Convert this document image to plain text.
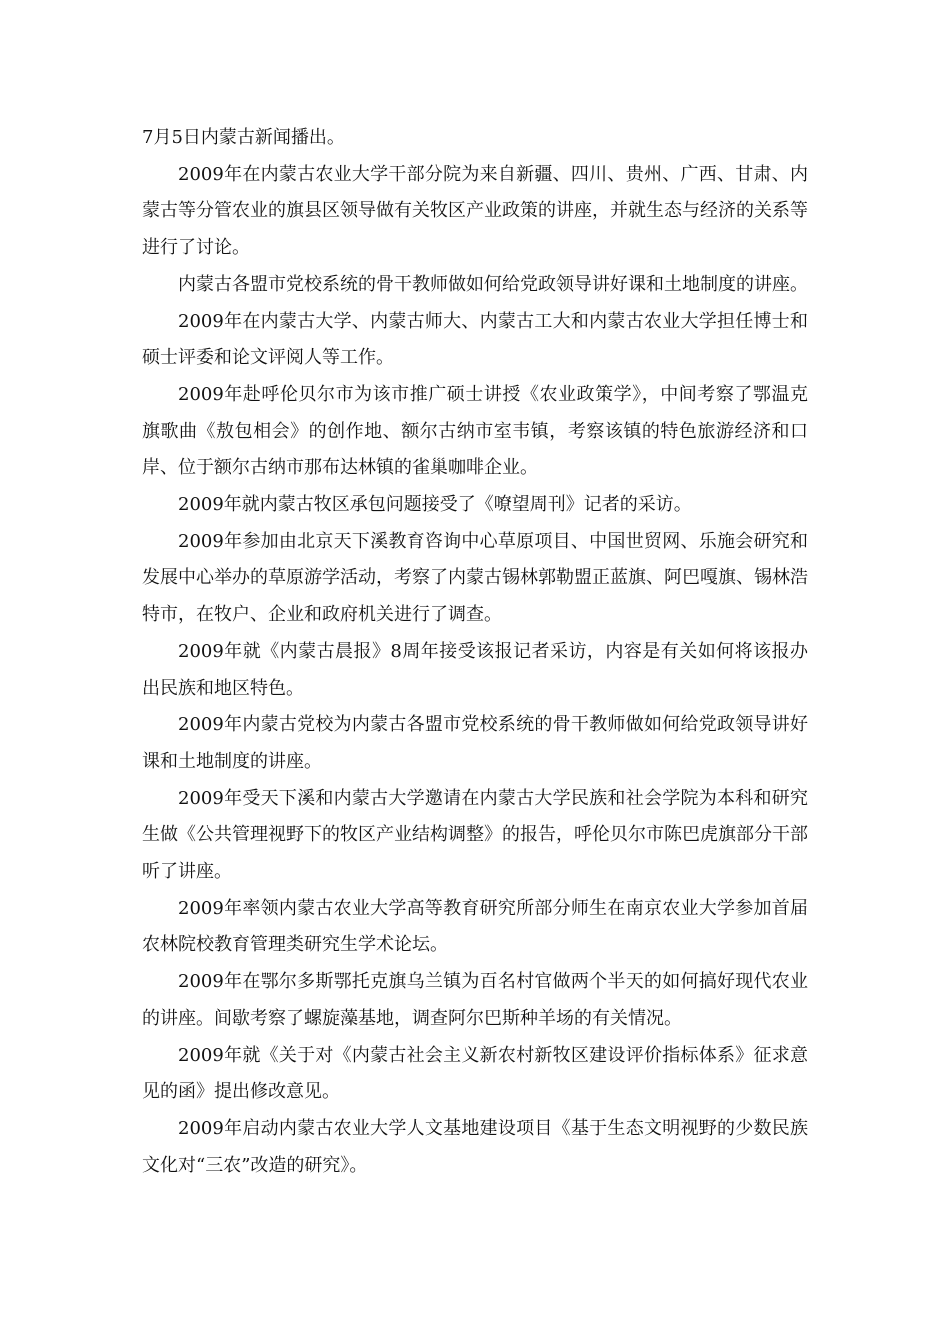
7月5日内蒙古新闻播出。

2009年在内蒙古农业大学干部分院为来自新疆、四川、贵州、广西、甘肃、内蒙古等分管农业的旗县区领导做有关牧区产业政策的讲座，并就生态与经济的关系等进行了讨论。

内蒙古各盟市党校系统的骨干教师做如何给党政领导讲好课和土地制度的讲座。

2009年在内蒙古大学、内蒙古师大、内蒙古工大和内蒙古农业大学担任博士和硕士评委和论文评阅人等工作。

2009年赴呼伦贝尔市为该市推广硕士讲授《农业政策学》，中间考察了鄂温克旗歌曲《敖包相会》的创作地、额尔古纳市室韦镇，考察该镇的特色旅游经济和口岸、位于额尔古纳市那布达林镇的雀巢咖啡企业。

2009年就内蒙古牧区承包问题接受了《嘹望周刊》记者的采访。

2009年参加由北京天下溪教育咨询中心草原项目、中国世贸网、乐施会研究和发展中心举办的草原游学活动，考察了内蒙古锡林郭勒盟正蓝旗、阿巴嘎旗、锡林浩特市，在牧户、企业和政府机关进行了调查。

2009年就《内蒙古晨报》8周年接受该报记者采访，内容是有关如何将该报办出民族和地区特色。

2009年内蒙古党校为内蒙古各盟市党校系统的骨干教师做如何给党政领导讲好课和土地制度的讲座。

2009年受天下溪和内蒙古大学邀请在内蒙古大学民族和社会学院为本科和研究生做《公共管理视野下的牧区产业结构调整》的报告，呼伦贝尔市陈巴虎旗部分干部听了讲座。

2009年率领内蒙古农业大学高等教育研究所部分师生在南京农业大学参加首届农林院校教育管理类研究生学术论坛。

2009年在鄂尔多斯鄂托克旗乌兰镇为百名村官做两个半天的如何搞好现代农业的讲座。间歇考察了螺旋藻基地，调查阿尔巴斯种羊场的有关情况。

2009年就《关于对《内蒙古社会主义新农村新牧区建设评价指标体系》征求意见的函》提出修改意见。

2009年启动内蒙古农业大学人文基地建设项目《基于生态文明视野的少数民族文化对“三农”改造的研究》。
